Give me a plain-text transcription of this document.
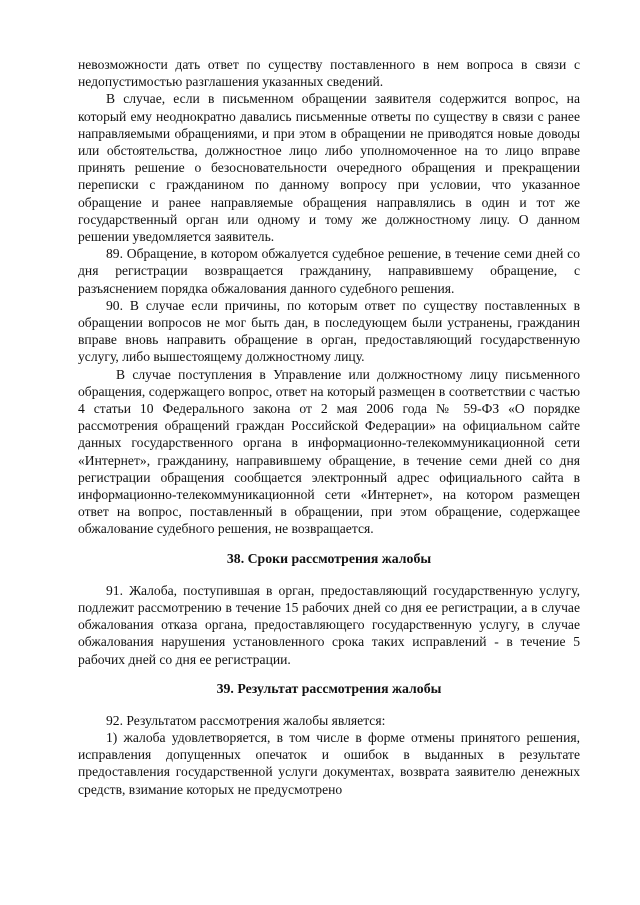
невозможности дать ответ по существу поставленного в нем вопроса в связи с недопустимостью разглашения указанных сведений.

В случае, если в письменном обращении заявителя содержится вопрос, на который ему неоднократно давались письменные ответы по существу в связи с ранее направляемыми обращениями, и при этом в обращении не приводятся новые доводы или обстоятельства, должностное лицо либо уполномоченное на то лицо вправе принять решение о безосновательности очередного обращения и прекращении переписки с гражданином по данному вопросу при условии, что указанное обращение и ранее направляемые обращения направлялись в один и тот же государственный орган или одному и тому же должностному лицу. О данном решении уведомляется заявитель.

89. Обращение, в котором обжалуется судебное решение, в течение семи дней со дня регистрации возвращается гражданину, направившему обращение, с разъяснением порядка обжалования данного судебного решения.

90. В случае если причины, по которым ответ по существу поставленных в обращении вопросов не мог быть дан, в последующем были устранены, гражданин вправе вновь направить обращение в орган, предоставляющий государственную услугу, либо вышестоящему должностному лицу.

В случае поступления в Управление или должностному лицу письменного обращения, содержащего вопрос, ответ на который размещен в соответствии с частью 4 статьи 10 Федерального закона от 2 мая 2006 года № 59-ФЗ «О порядке рассмотрения обращений граждан Российской Федерации» на официальном сайте данных государственного органа в информационно-телекоммуникационной сети «Интернет», гражданину, направившему обращение, в течение семи дней со дня регистрации обращения сообщается электронный адрес официального сайта в информационно-телекоммуникационной сети «Интернет», на котором размещен ответ на вопрос, поставленный в обращении, при этом обращение, содержащее обжалование судебного решения, не возвращается.

38. Сроки рассмотрения жалобы

91. Жалоба, поступившая в орган, предоставляющий государственную услугу, подлежит рассмотрению в течение 15 рабочих дней со дня ее регистрации, а в случае обжалования отказа органа, предоставляющего государственную услугу, в случае обжалования нарушения установленного срока таких исправлений - в течение 5 рабочих дней со дня ее регистрации.

39. Результат рассмотрения жалобы

92. Результатом рассмотрения жалобы является:

1) жалоба удовлетворяется, в том числе в форме отмены принятого решения, исправления допущенных опечаток и ошибок в выданных в результате предоставления государственной услуги документах, возврата заявителю денежных средств, взимание которых не предусмотрено
